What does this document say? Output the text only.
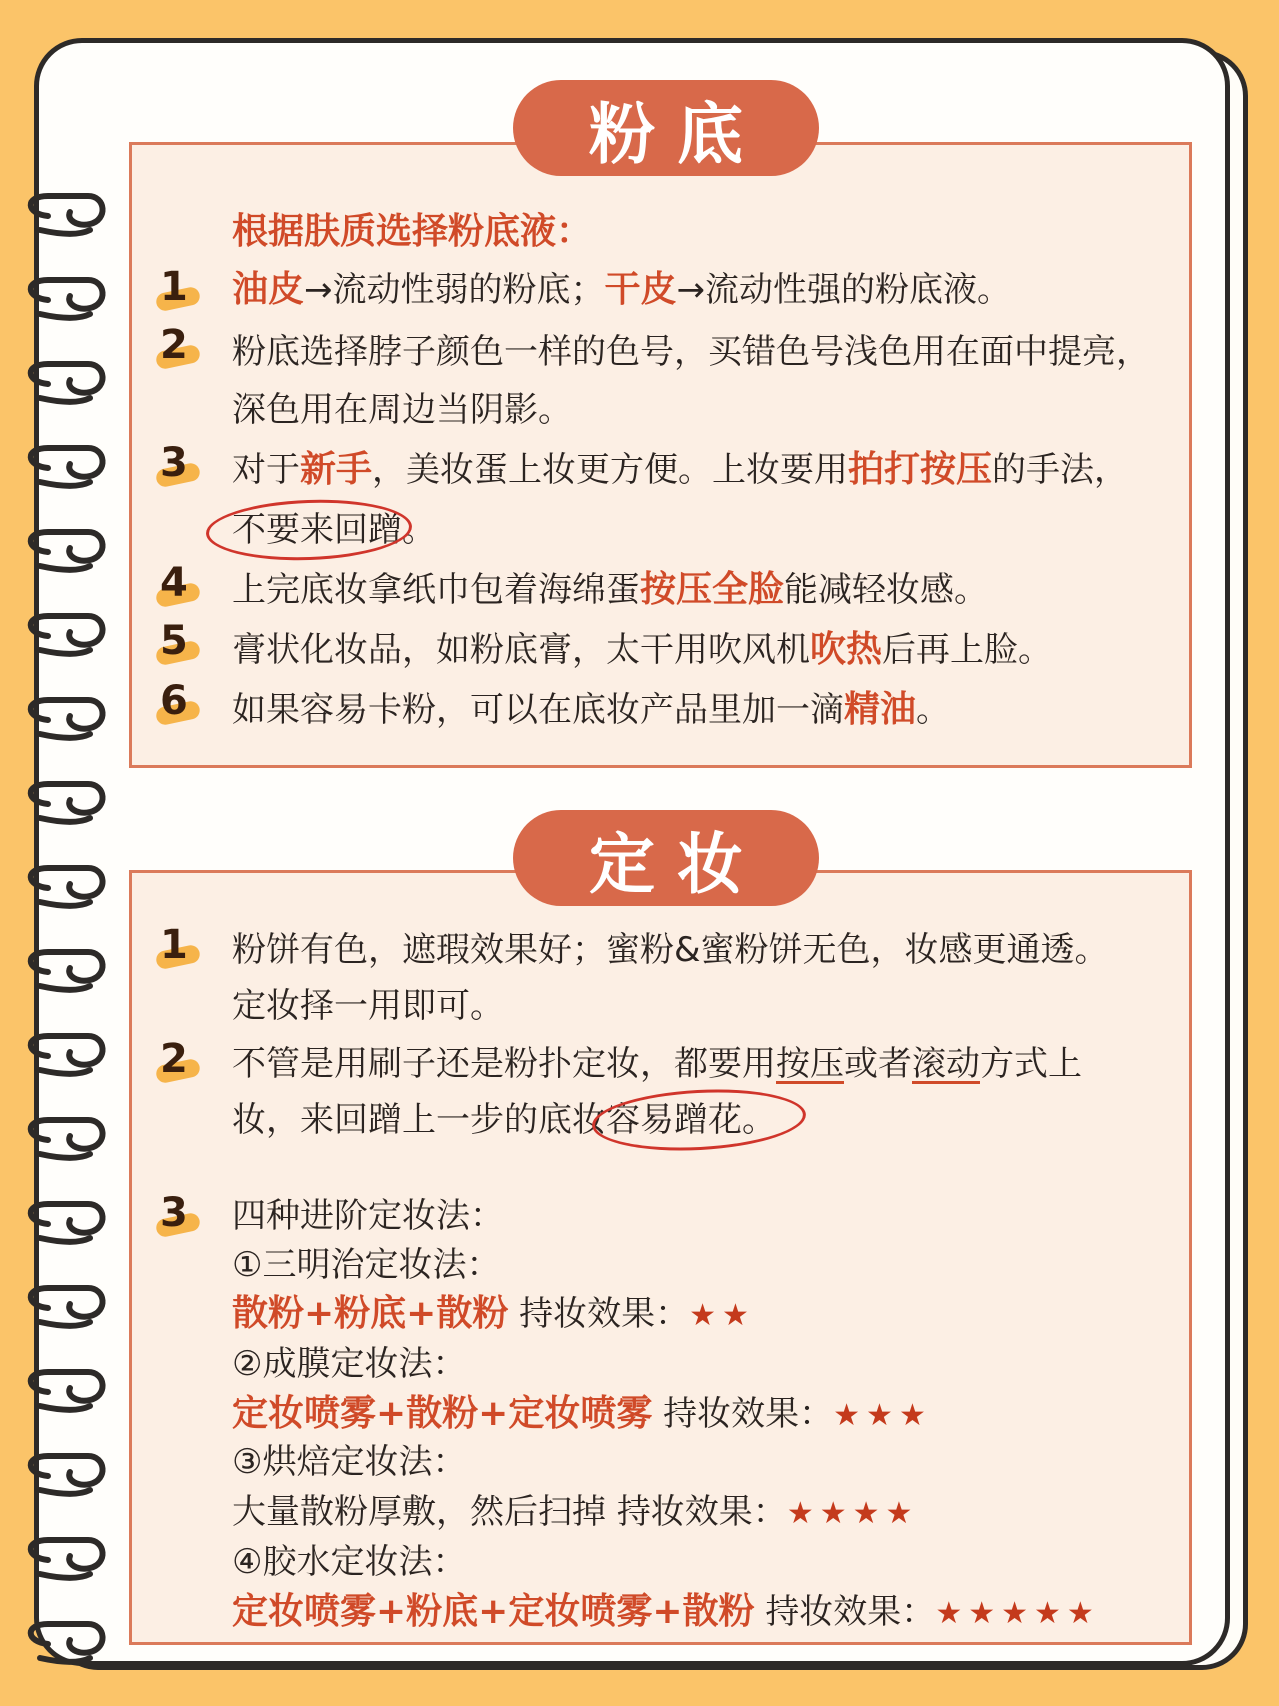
粉底
根据肤质选择粉底液：
1	油皮→流动性弱的粉底；干皮→流动性强的粉底液。
2	粉底选择脖子颜色一样的色号，买错色号浅色用在面中提亮，
深色用在周边当阴影。
3	对于新手，美妆蛋上妆更方便。上妆要用拍打按压的手法，
不要来回蹭。
4	上完底妆拿纸巾包着海绵蛋按压全脸能减轻妆感。
5	膏状化妆品，如粉底膏，太干用吹风机吹热后再上脸。
6	如果容易卡粉，可以在底妆产品里加一滴精油。
定妆
1	粉饼有色，遮瑕效果好；蜜粉&蜜粉饼无色，妆感更通透。
定妆择一用即可。
2	不管是用刷子还是粉扑定妆，都要用按压或者滚动方式上
妆，来回蹭上一步的底妆容易蹭花。
3	四种进阶定妆法：
①三明治定妆法：
散粉+粉底+散粉 持妆效果：★★
②成膜定妆法：
定妆喷雾+散粉+定妆喷雾 持妆效果：★★★
③烘焙定妆法：
大量散粉厚敷，然后扫掉 持妆效果：★★★★
④胶水定妆法：
定妆喷雾+粉底+定妆喷雾+散粉 持妆效果：★★★★★
